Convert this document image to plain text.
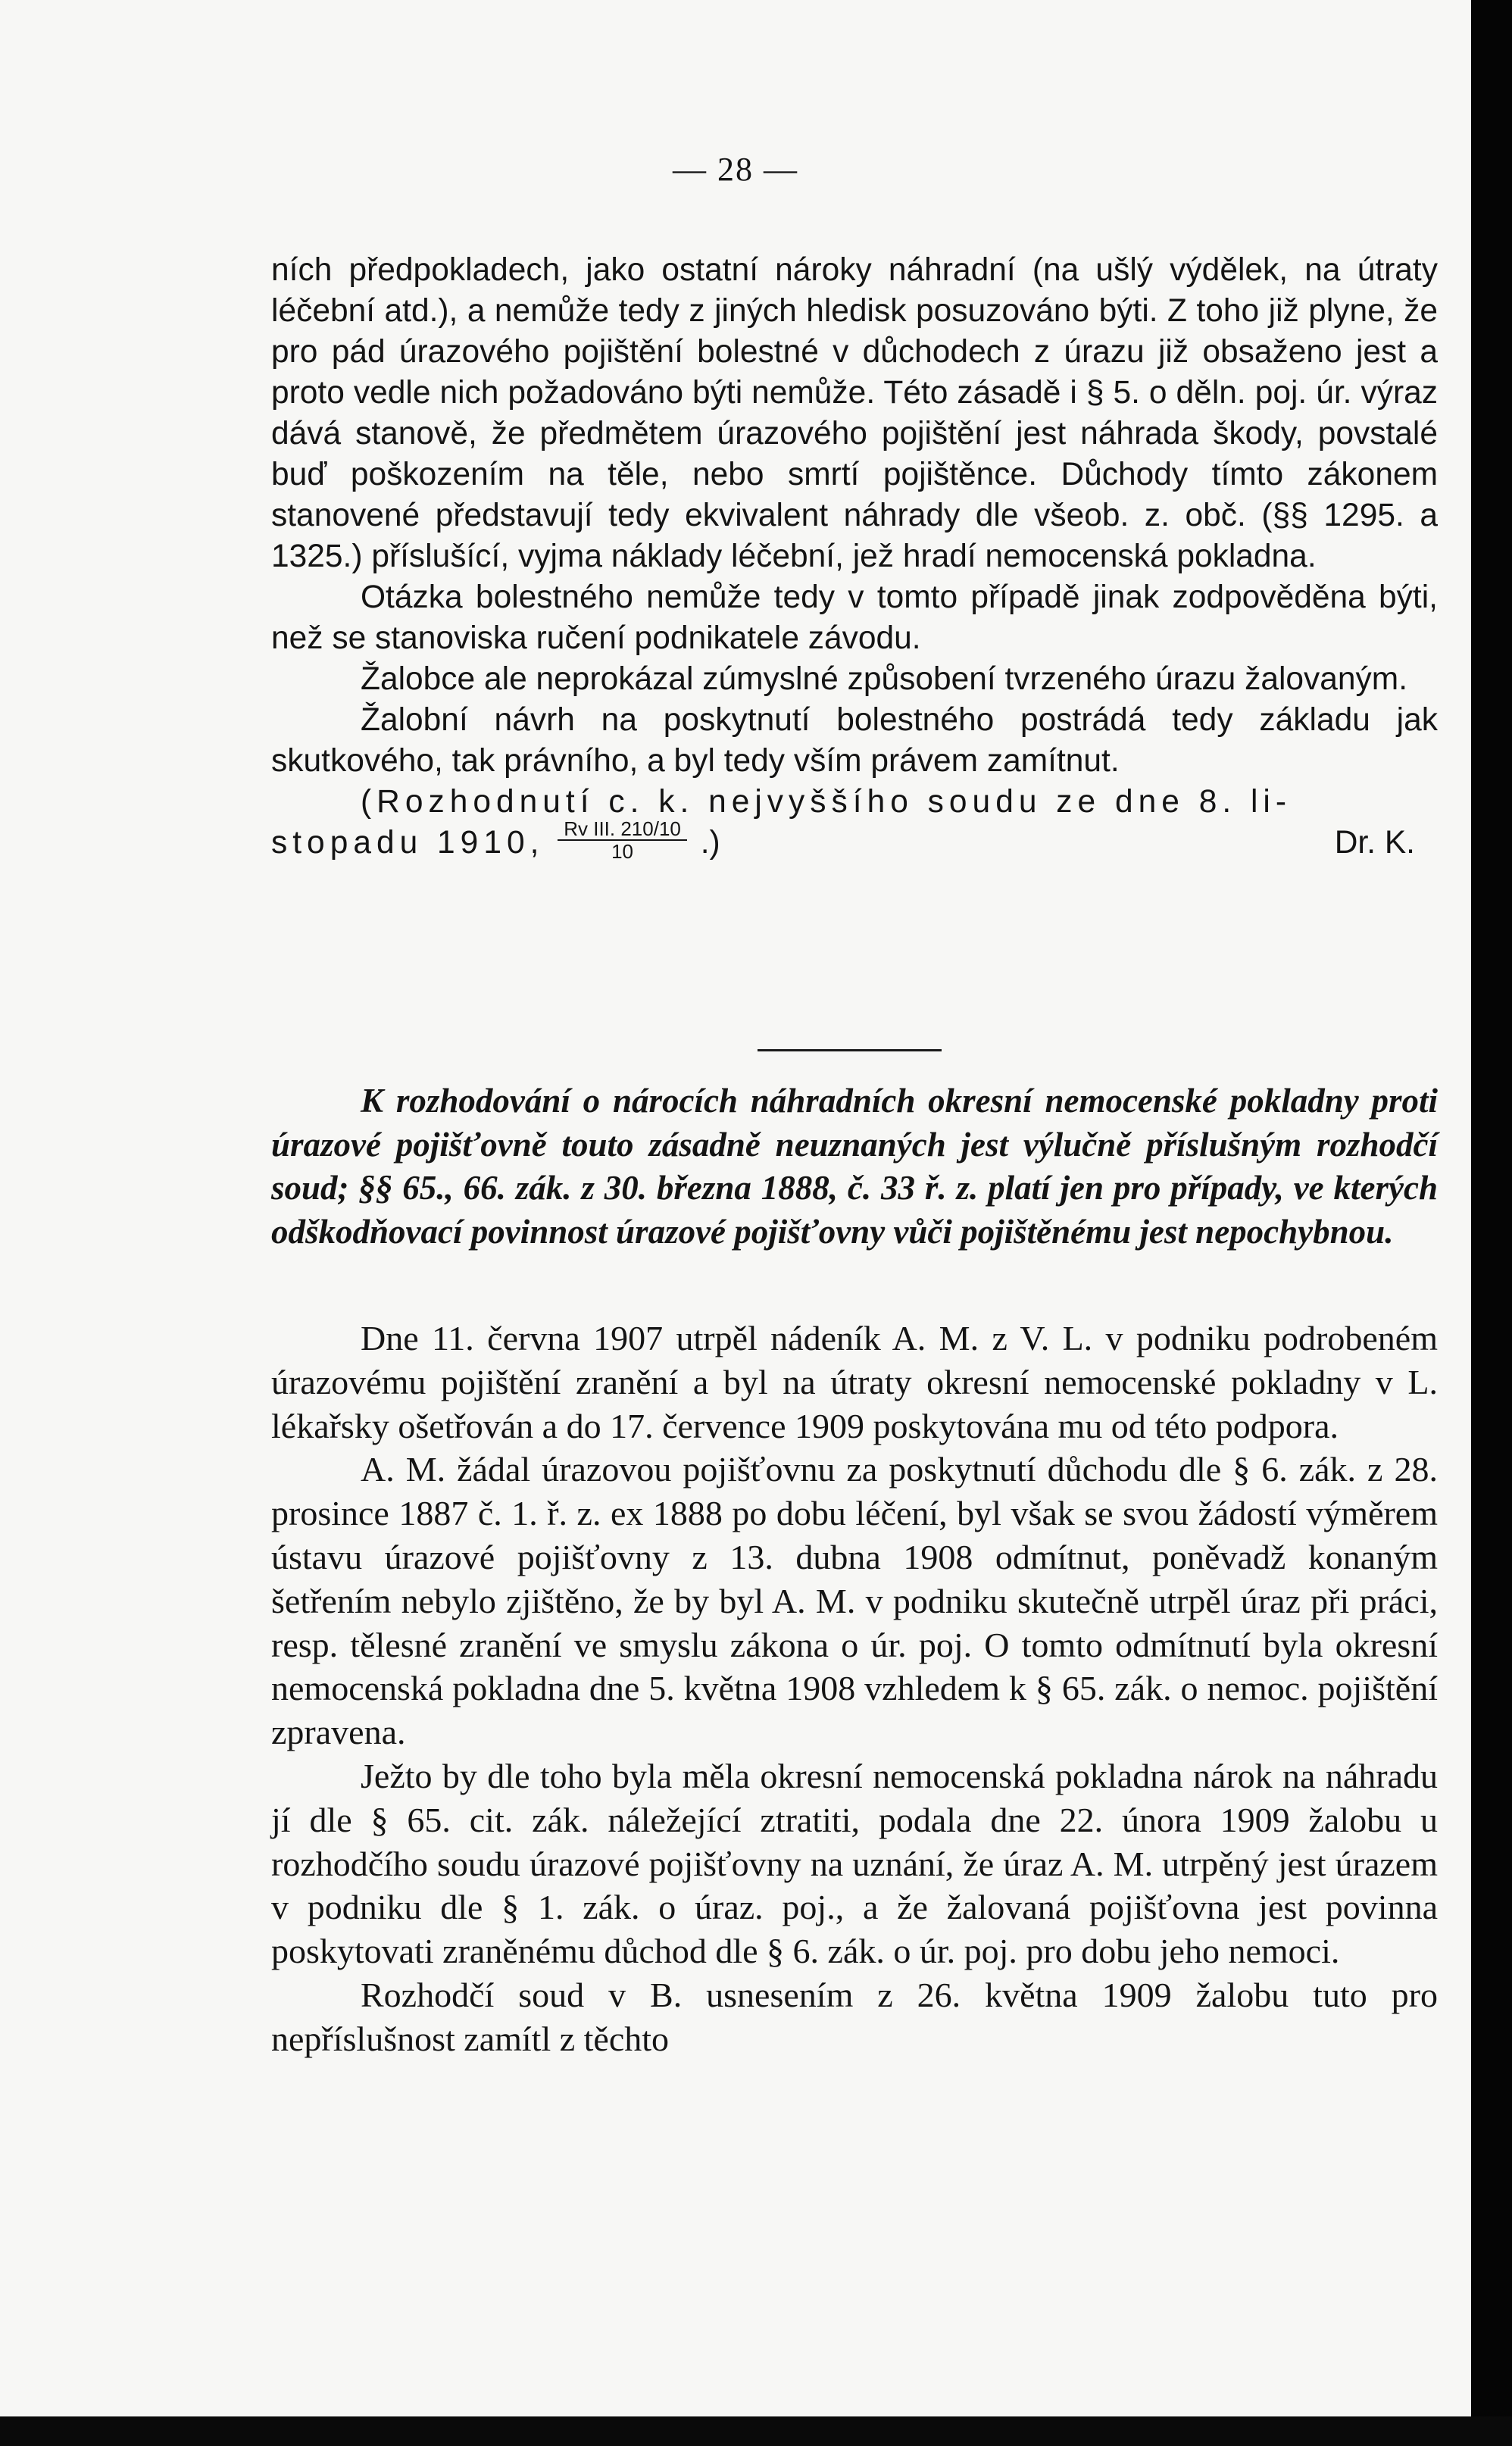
— 28 —

ních předpokladech, jako ostatní nároky náhradní (na ušlý výdělek, na útraty léčební atd.), a nemůže tedy z jiných hledisk posuzováno býti. Z toho již plyne, že pro pád úrazového pojištění bolestné v důchodech z úrazu již obsaženo jest a proto vedle nich požadováno býti nemůže. Této zásadě i § 5. o děln. poj. úr. výraz dává stanově, že předmětem úrazového pojištění jest náhrada škody, povstalé buď poškozením na těle, nebo smrtí pojištěnce. Důchody tímto zákonem stanovené představují tedy ekvivalent náhrady dle všeob. z. obč. (§§ 1295. a 1325.) příslušící, vyjma náklady léčební, jež hradí nemocenská pokladna.

Otázka bolestného nemůže tedy v tomto případě jinak zodpověděna býti, než se stanoviska ručení podnikatele závodu.

Žalobce ale neprokázal zúmyslné způsobení tvrzeného úrazu žalovaným.

Žalobní návrh na poskytnutí bolestného postrádá tedy základu jak skutkového, tak právního, a byl tedy vším právem zamítnut.

(Rozhodnutí c. k. nejvyššího soudu ze dne 8. li-

stopadu 1910, $\frac{\text{Rv III. 210/10}}{10}$ .)	Dr. K.

K rozhodování o nárocích náhradních okresní nemocenské pokladny proti úrazové pojišťovně touto zásadně neuznaných jest výlučně příslušným rozhodčí soud; §§ 65., 66. zák. z 30. března 1888, č. 33 ř. z. platí jen pro případy, ve kterých odškodňovací povinnost úrazové pojišťovny vůči pojištěnému jest nepochybnou.

Dne 11. června 1907 utrpěl nádeník A. M. z V. L. v podniku podrobeném úrazovému pojištění zranění a byl na útraty okresní nemocenské pokladny v L. lékařsky ošetřován a do 17. července 1909 poskytována mu od této podpora.

A. M. žádal úrazovou pojišťovnu za poskytnutí důchodu dle § 6. zák. z 28. prosince 1887 č. 1. ř. z. ex 1888 po dobu léčení, byl však se svou žádostí výměrem ústavu úrazové pojišťovny z 13. dubna 1908 odmítnut, poněvadž konaným šetřením nebylo zjištěno, že by byl A. M. v podniku skutečně utrpěl úraz při práci, resp. tělesné zranění ve smyslu zákona o úr. poj. O tomto odmítnutí byla okresní nemocenská pokladna dne 5. května 1908 vzhledem k § 65. zák. o nemoc. pojištění zpravena.

Ježto by dle toho byla měla okresní nemocenská pokladna nárok na náhradu jí dle § 65. cit. zák. náležející ztratiti, podala dne 22. února 1909 žalobu u rozhodčího soudu úrazové pojišťovny na uznání, že úraz A. M. utrpěný jest úrazem v podniku dle § 1. zák. o úraz. poj., a že žalovaná pojišťovna jest povinna poskytovati zraněnému důchod dle § 6. zák. o úr. poj. pro dobu jeho nemoci.

Rozhodčí soud v B. usnesením z 26. května 1909 žalobu tuto pro nepříslušnost zamítl z těchto
